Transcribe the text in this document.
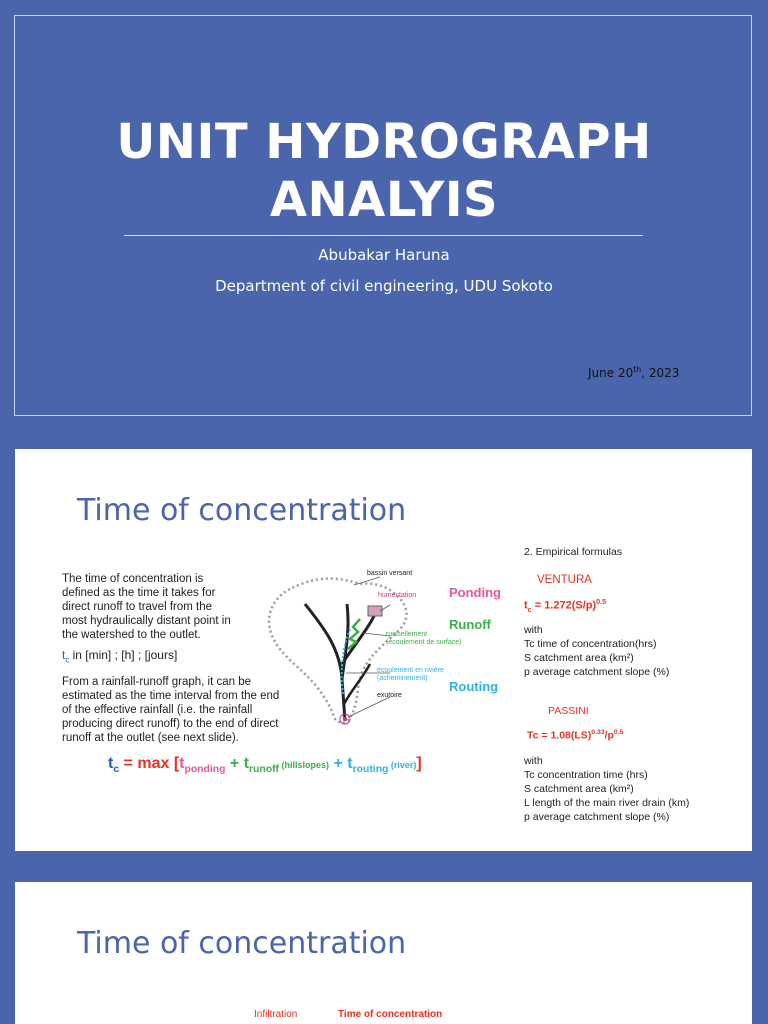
UNIT HYDROGRAPH
ANALYIS
Abubakar Haruna
Department of civil engineering, UDU Sokoto
June 20th, 2023
Time of concentration
The time of concentration is
defined as the time it takes for
direct runoff to travel from the
most hydraulically distant point in
the watershed to the outlet.
$t_c$ in [min] ; [h] ; [jours]
From a rainfall-runoff graph, it can be
estimated as the time interval from the end
of the effective rainfall (i.e. the rainfall
producing direct runoff) to the end of direct
runoff at the outlet (see next slide).
$t_c = \max [t_{ponding} + t_{runoff}$ (hillslopes) + $t_{routing}$ (river)]
bassin versant
humectation
ruissellement
(écoulement de surface)
écoulement en rivière
(acheminement)
exutoire
Ponding
Runoff
Routing
2. Empirical formulas
VENTURA
$t_c = 1.272(S/p)^{0.5}$
with
Tc time of concentration(hrs)
S catchment area (km²)
p average catchment slope (%)
PASSINI
$Tc = 1.08(LS)^{0.33}/p^{0.5}$
with
Tc concentration time (hrs)
S catchment area (km²)
L length of the main river drain (km)
p average catchment slope (%)
Time of concentration
Infiltration	Time of concentration
